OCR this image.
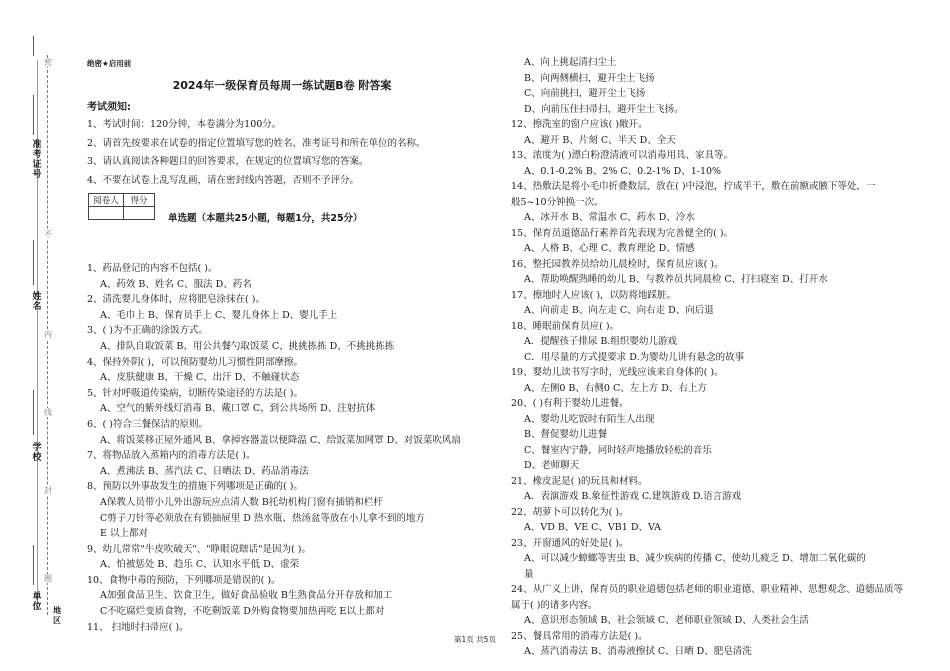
准考证号
姓名
学校
单位
密
不
内
线
封
圈
地区
绝密★启用前
2024年一级保育员每周一练试题B卷 附答案
考试须知:
1、考试时间：120分钟，本卷满分为100分。
2、请首先按要求在试卷的指定位置填写您的姓名、准考证号和所在单位的名称。
3、请认真阅读各种题目的回答要求，在规定的位置填写您的答案。
4、不要在试卷上乱写乱画，请在密封线内答题，否则不予评分。
阅卷人	得分

单选题（本题共25小题，每题1分，共25分）
1、药品登记的内容不包括( )。
A、药效 B、姓名 C、服法 D、药名
2、清洗婴儿身体时，应将肥皂涂抹在( )。
A、毛巾上 B、保育员手上 C、婴儿身体上 D、婴儿手上
3、( )为不正确的涂饭方式。
A、排队自取饭菜 B、用公共餐勺取饭菜 C、挑挑拣拣 D、不挑挑拣拣
4、保持外阴( )，可以预防婴幼儿习惯性阴部摩擦。
A、皮肤健康 B、干燥 C、出汗 D、不触碰状态
5、针对呼吸道传染病，切断传染途径的方法是( )。
A、空气的紫外线灯消毒 B、戴口罩 C、到公共场所 D、注射抗体
6、( )符合三餐保洁的原则。
A、将饭菜移正屋外通风 B、拿掉容器盖以便降温 C、给饭菜加网罩 D、对饭菜吹风扇
7、将物品放入蒸箱内的消毒方法是( )。
A、煮沸法 B、蒸汽法 C、日晒法 D、药品消毒法
8、预防以外事故发生的措施下列哪项是正确的( )。
A保教人员带小儿外出游玩应点清人数 B托幼机构门窗有插销和栏杆
C剪子刀针等必须放在有锁抽屉里 D 热水瓶、热汤盆等放在小儿拿不到的地方
E 以上都对
9、幼儿常常"牛皮吹破天"、"睁眼说瞎话"是因为( )。
A、怕被惩处 B、趋乐 C、认知水平低 D、虚荣
10、食物中毒的预防，下列哪项是错误的( )。
A加强食品卫生、饮食卫生，做好食品验收 B生熟食品分开存放和加工
C不吃腐烂变质食物，不吃剩饭菜 D外购食物要加热再吃 E以上都对
11、 扫地时扫帚应( )。
A、向上挑起清扫尘土
B、向两侧横扫，避开尘土飞扬
C、向前挑扫，避开尘土飞扬
D、向前压住扫帚扫，避开尘土飞扬。
12、擦洗室的窗户应该( )敞开。
A、避开 B、片刻 C、半天 D、全天
13、浓度为( )漂白粉澄清液可以消毒用具、家具等。
A、0.1-0.2% B、2% C、0.2-1% D、1-10%
14、热敷法是将小毛巾折叠数层，放在( )中浸泡，拧成半干，敷在前额或腋下等处，一
般5~10分钟换一次。
A、冰开水 B、常温水 C、药水 D、冷水
15、保育员道德品行素养首先表现为完善健全的( )。
A、人格 B、心理 C、教育理论 D、情感
16、整托园教养员给幼儿晨检时，保育员应该( )。
A、帮助唤醒熟睡的幼儿 B、与教养员共同晨检 C、打扫寝室 D、打开水
17、擦地时人应该( )，以防将地踩脏。
A、向前走 B、向左走 C、向右走 D、向后退
18、睡眠前保育员应( )。
A．提醒孩子排尿 B.组织婴幼儿游戏
C．用尽量的方式提要求 D.为婴幼儿讲有悬念的故事
19、婴幼儿读书写字时，光线应该来自身体的( )。
A、左侧0 B、右侧0 C、左上方 D、右上方
20、( )有利于婴幼儿进餐。
A、婴幼儿吃饭时有陌生人出现
B、督促婴幼儿进餐
C、餐室内宁静，同时轻声地播放轻松的音乐
D、老师聊天
21、橡皮泥是( )的玩具和材料。
A．表演游戏 B.象征性游戏 C.建筑游戏 D.语言游戏
22、胡萝卜可以转化为( )。
A、VD B、VE C、VB1 D、VA
23、开窗通风的好处是( )。
A、可以减少蟑螂等害虫 B、减少疾病的传播 C、使幼儿疲乏 D、增加二氧化碳的
量
24、从广义上讲，保育员的职业道德包括老师的职业道德、职业精神、思想观念、道德品质等
属于( )的诸多内容。
A、意识形态领域 B、社会领域 C、老师职业领域 D、人类社会生活
25、餐具常用的消毒方法是( )。
A、蒸汽消毒法 B、消毒液擦拭 C、日晒 D、肥皂清洗
第1页 共5页
